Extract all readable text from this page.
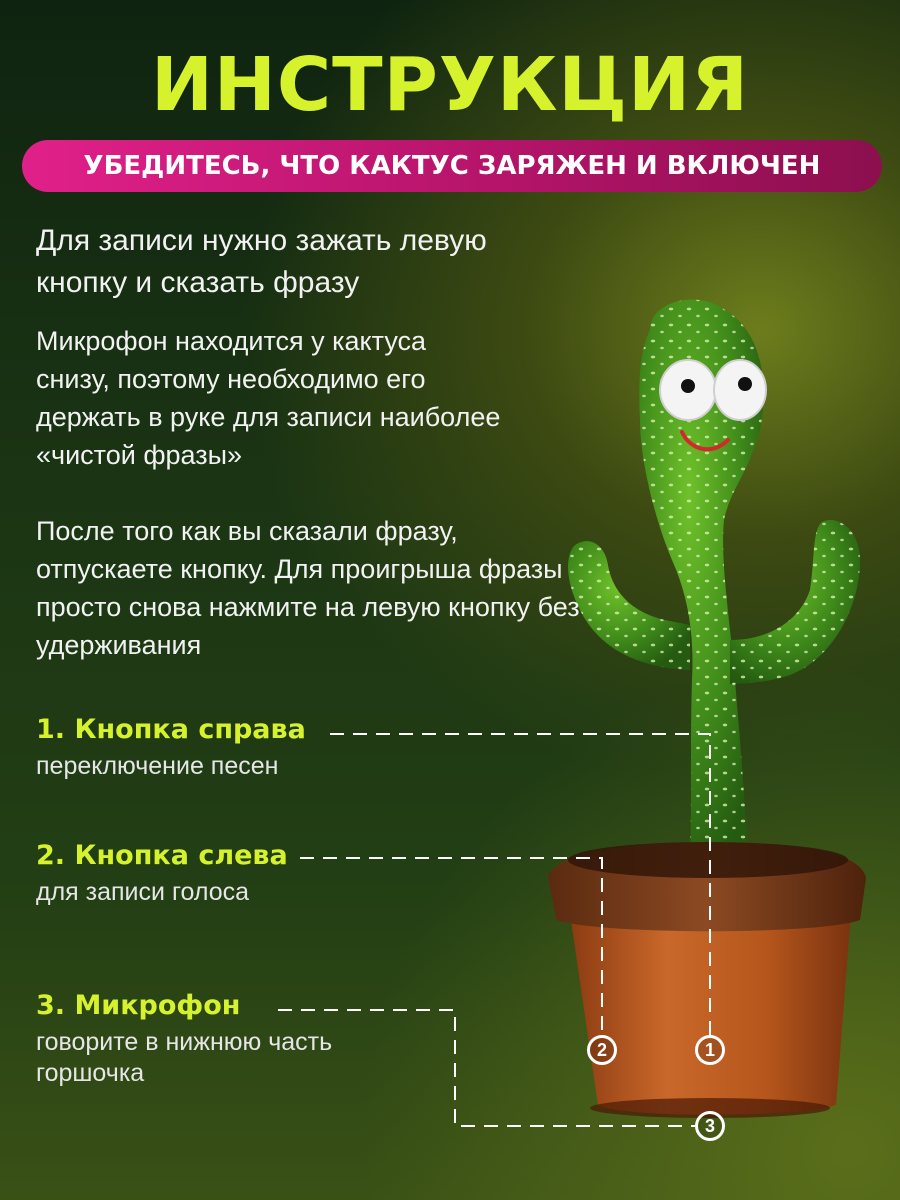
ИНСТРУКЦИЯ
УБЕДИТЕСЬ, ЧТО КАКТУС ЗАРЯЖЕН И ВКЛЮЧЕН
Для записи нужно зажать левую кнопку и сказать фразу
Микрофон находится у кактуса снизу, поэтому необходимо его держать в руке для записи наиболее «чистой фразы»
После того как вы сказали фразу, отпускаете кнопку. Для проигрыша фразы просто снова нажмите на левую кнопку без удерживания
1. Кнопка справа
переключение песен
2. Кнопка слева
для записи голоса
3. Микрофон
говорите в нижнюю часть горшочка
1
2
3
